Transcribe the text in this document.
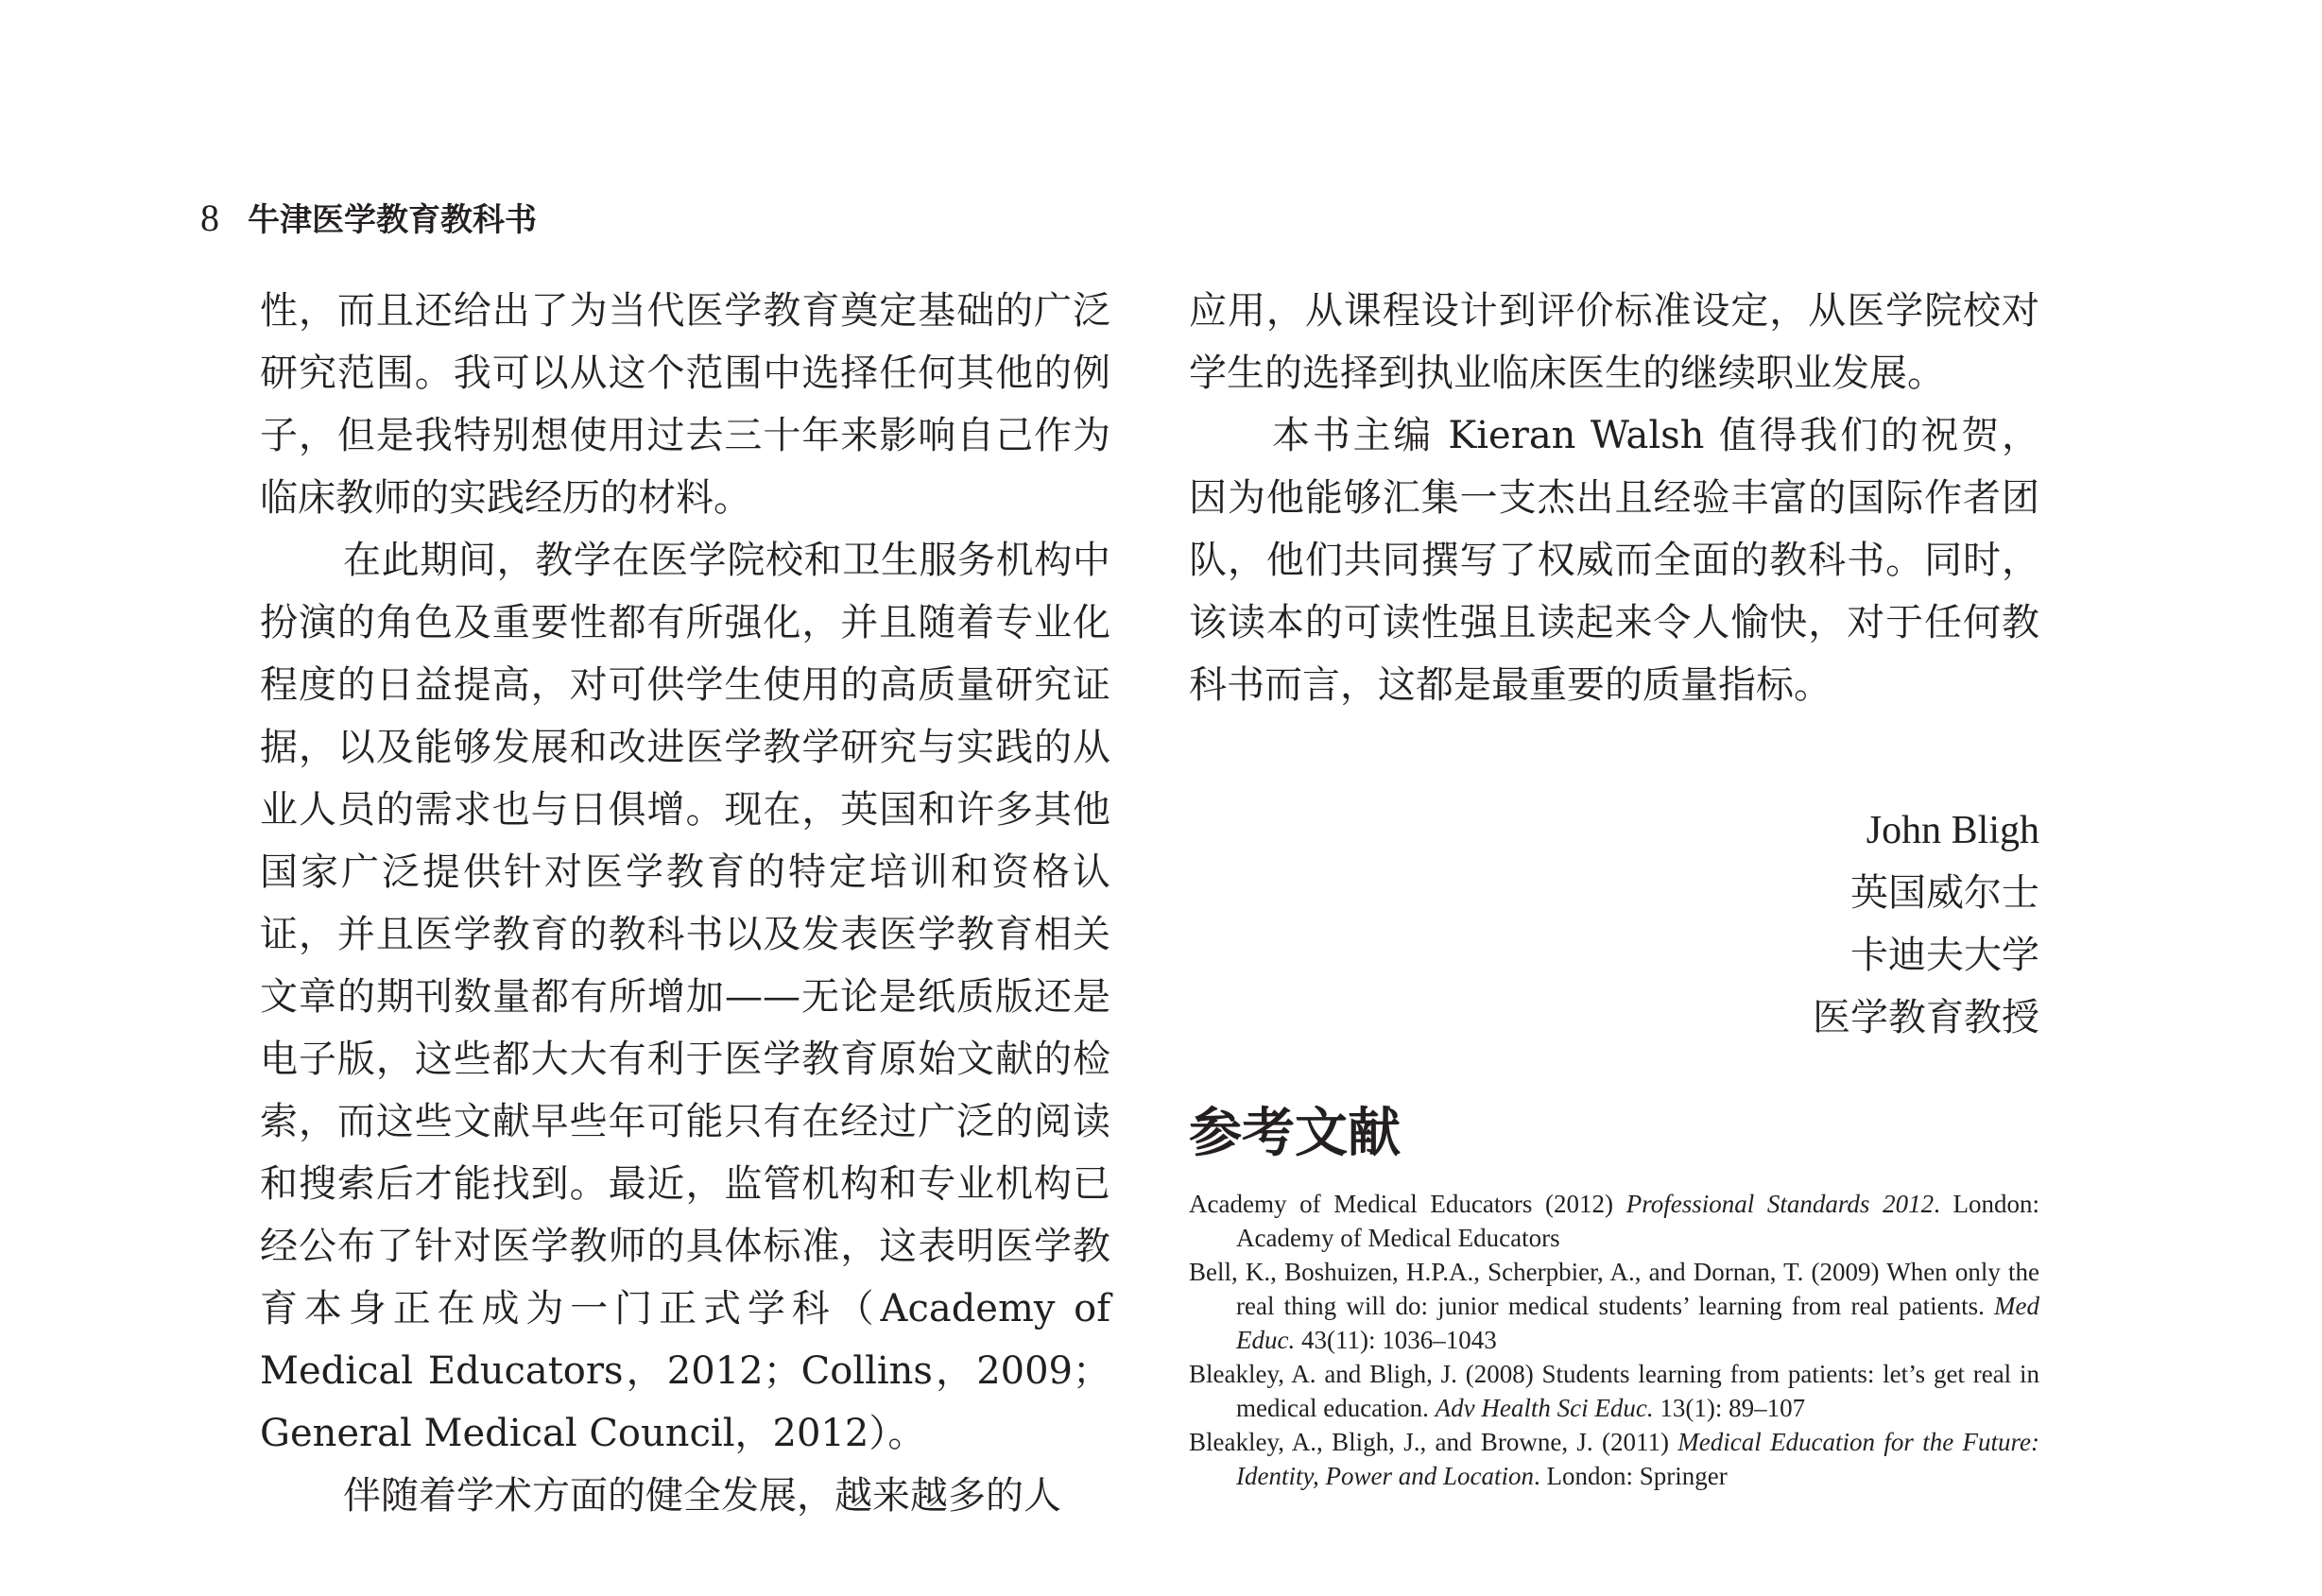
8 牛津医学教育教科书

性，而且还给出了为当代医学教育奠定基础的广泛研究范围。我可以从这个范围中选择任何其他的例子，但是我特别想使用过去三十年来影响自己作为临床教师的实践经历的材料。

在此期间，教学在医学院校和卫生服务机构中扮演的角色及重要性都有所强化，并且随着专业化程度的日益提高，对可供学生使用的高质量研究证据，以及能够发展和改进医学教学研究与实践的从业人员的需求也与日俱增。现在，英国和许多其他国家广泛提供针对医学教育的特定培训和资格认证，并且医学教育的教科书以及发表医学教育相关文章的期刊数量都有所增加——无论是纸质版还是电子版，这些都大大有利于医学教育原始文献的检索，而这些文献早些年可能只有在经过广泛的阅读和搜索后才能找到。最近，监管机构和专业机构已经公布了针对医学教师的具体标准，这表明医学教育本身正在成为一门正式学科（Academy of Medical Educators，2012；Collins，2009；General Medical Council，2012）。

伴随着学术方面的健全发展，越来越多的人

应用，从课程设计到评价标准设定，从医学院校对学生的选择到执业临床医生的继续职业发展。

本书主编 Kieran Walsh 值得我们的祝贺，因为他能够汇集一支杰出且经验丰富的国际作者团队，他们共同撰写了权威而全面的教科书。同时，该读本的可读性强且读起来令人愉快，对于任何教科书而言，这都是最重要的质量指标。

John Bligh
英国威尔士
卡迪夫大学
医学教育教授
参考文献
Academy of Medical Educators (2012) Professional Standards 2012. London: Academy of Medical Educators
Bell, K., Boshuizen, H.P.A., Scherpbier, A., and Dornan, T. (2009) When only the real thing will do: junior medical students’ learning from real patients. Med Educ. 43(11): 1036–1043
Bleakley, A. and Bligh, J. (2008) Students learning from patients: let’s get real in medical education. Adv Health Sci Educ. 13(1): 89–107
Bleakley, A., Bligh, J., and Browne, J. (2011) Medical Education for the Future: Identity, Power and Location. London: Springer
